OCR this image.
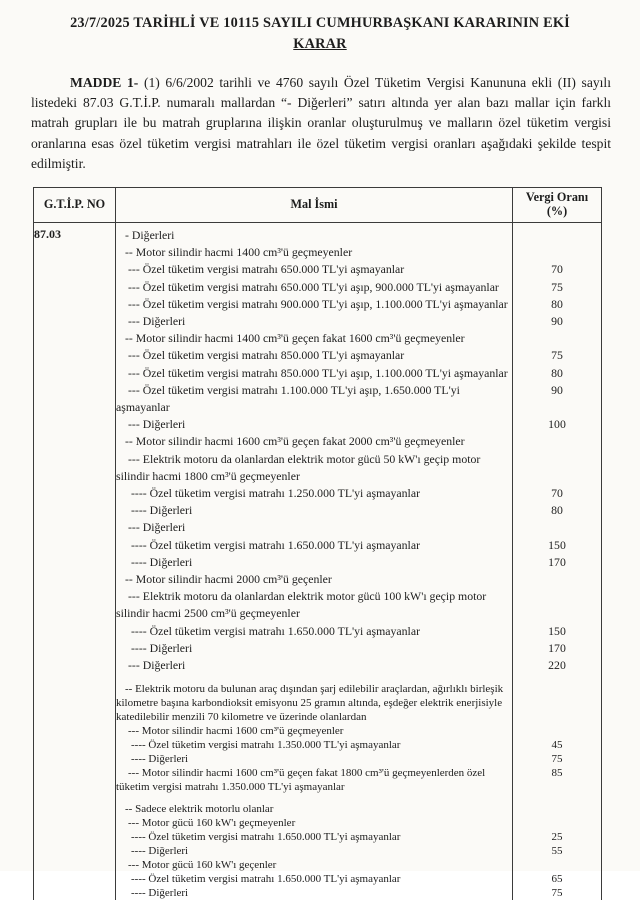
23/7/2025 TARİHLİ VE 10115 SAYILI CUMHURBAŞKANI KARARININ EKİ
KARAR

MADDE 1- (1) 6/6/2002 tarihli ve 4760 sayılı Özel Tüketim Vergisi Kanununa ekli (II) sayılı listedeki 87.03 G.T.İ.P. numaralı mallardan “- Diğerleri” satırı altında yer alan bazı mallar için farklı matrah grupları ile bu matrah gruplarına ilişkin oranlar oluşturulmuş ve malların özel tüketim vergisi oranlarına esas özel tüketim vergisi matrahları ile özel tüketim vergisi oranları aşağıdaki şekilde tespit edilmiştir.

G.T.İ.P. NO	Mal İsmi	Vergi Oranı
(%)

87.03	- Diğerleri	

	-- Motor silindir hacmi 1400 cm³'ü geçmeyenler	

	--- Özel tüketim vergisi matrahı 650.000 TL'yi aşmayanlar	70

	--- Özel tüketim vergisi matrahı 650.000 TL'yi aşıp, 900.000 TL'yi aşmayanlar	75

	--- Özel tüketim vergisi matrahı 900.000 TL'yi aşıp, 1.100.000 TL'yi aşmayanlar	80

	--- Diğerleri	90

	-- Motor silindir hacmi 1400 cm³'ü geçen fakat 1600 cm³'ü geçmeyenler	

	--- Özel tüketim vergisi matrahı 850.000 TL'yi aşmayanlar	75

	--- Özel tüketim vergisi matrahı 850.000 TL'yi aşıp, 1.100.000 TL'yi aşmayanlar	80

	--- Özel tüketim vergisi matrahı 1.100.000 TL'yi aşıp, 1.650.000 TL'yi aşmayanlar	90

	--- Diğerleri	100

	-- Motor silindir hacmi 1600 cm³'ü geçen fakat 2000 cm³'ü geçmeyenler	

	--- Elektrik motoru da olanlardan elektrik motor gücü 50 kW'ı geçip motor silindir hacmi 1800 cm³'ü geçmeyenler	

	---- Özel tüketim vergisi matrahı 1.250.000 TL'yi aşmayanlar	70

	---- Diğerleri	80

	--- Diğerleri	

	---- Özel tüketim vergisi matrahı 1.650.000 TL'yi aşmayanlar	150

	---- Diğerleri	170

	-- Motor silindir hacmi 2000 cm³'ü geçenler	

	--- Elektrik motoru da olanlardan elektrik motor gücü 100 kW'ı geçip motor silindir hacmi 2500 cm³'ü geçmeyenler	

	---- Özel tüketim vergisi matrahı 1.650.000 TL'yi aşmayanlar	150

	---- Diğerleri	170

	--- Diğerleri	220

	-- Elektrik motoru da bulunan araç dışından şarj edilebilir araçlardan, ağırlıklı birleşik kilometre başına karbondioksit emisyonu 25 gramın altında, eşdeğer elektrik enerjisiyle katedilebilir menzili 70 kilometre ve üzerinde olanlardan	

	--- Motor silindir hacmi 1600 cm³'ü geçmeyenler	

	---- Özel tüketim vergisi matrahı 1.350.000 TL'yi aşmayanlar	45

	---- Diğerleri	75

	--- Motor silindir hacmi 1600 cm³'ü geçen fakat 1800 cm³'ü geçmeyenlerden özel tüketim vergisi matrahı 1.350.000 TL'yi aşmayanlar	85

	-- Sadece elektrik motorlu olanlar	

	--- Motor gücü 160 kW'ı geçmeyenler	

	---- Özel tüketim vergisi matrahı 1.650.000 TL'yi aşmayanlar	25

	---- Diğerleri	55

	--- Motor gücü 160 kW'ı geçenler	

	---- Özel tüketim vergisi matrahı 1.650.000 TL'yi aşmayanlar	65

	---- Diğerleri	75
